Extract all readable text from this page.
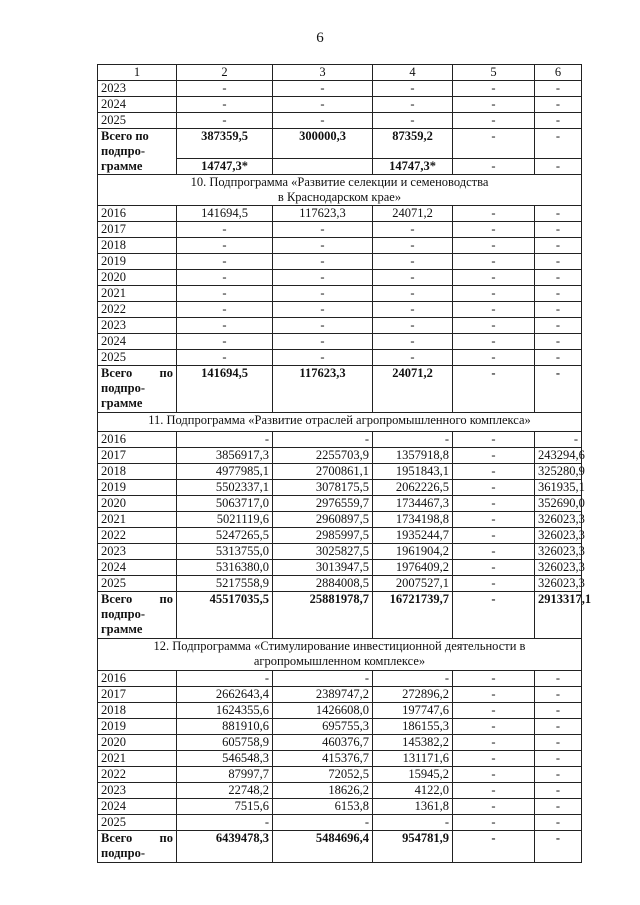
6
1	2	3	4	5	6
2023	-	-	-	-	-
2024	-	-	-	-	-
2025	-	-	-	-	-
Всего по
подпро-
грамме	387359,5	300000,3	87359,2	-	-
	14747,3*		14747,3*	-	-
10. Подпрограмма «Развитие селекции и семеноводства
в Краснодарском крае»					
2016	141694,5	117623,3	24071,2	-	-
2017	-	-	-	-	-
2018	-	-	-	-	-
2019	-	-	-	-	-
2020	-	-	-	-	-
2021	-	-	-	-	-
2022	-	-	-	-	-
2023	-	-	-	-	-
2024	-	-	-	-	-
2025	-	-	-	-	-

Всего по
подпро-
грамме	141694,5	117623,3	24071,2	-	-
11. Подпрограмма «Развитие отраслей агропромышленного комплекса»					
2016	-	-	-	-	-
2017	3856917,3	2255703,9	1357918,8	-	243294,6
2018	4977985,1	2700861,1	1951843,1	-	325280,9
2019	5502337,1	3078175,5	2062226,5	-	361935,1
2020	5063717,0	2976559,7	1734467,3	-	352690,0
2021	5021119,6	2960897,5	1734198,8	-	326023,3
2022	5247265,5	2985997,5	1935244,7	-	326023,3
2023	5313755,0	3025827,5	1961904,2	-	326023,3
2024	5316380,0	3013947,5	1976409,2	-	326023,3
2025	5217558,9	2884008,5	2007527,1	-	326023,3

Всего по
подпро-
грамме	45517035,5	25881978,7	16721739,7	-	2913317,1
12. Подпрограмма «Стимулирование инвестиционной деятельности в
агропромышленном комплексе»					
2016	-	-	-	-	-
2017	2662643,4	2389747,2	272896,2	-	-
2018	1624355,6	1426608,0	197747,6	-	-
2019	881910,6	695755,3	186155,3	-	-
2020	605758,9	460376,7	145382,2	-	-
2021	546548,3	415376,7	131171,6	-	-
2022	87997,7	72052,5	15945,2	-	-
2023	22748,2	18626,2	4122,0	-	-
2024	7515,6	6153,8	1361,8	-	-
2025	-	-	-	-	-

Всего по
подпро-	6439478,3	5484696,4	954781,9	-	-
